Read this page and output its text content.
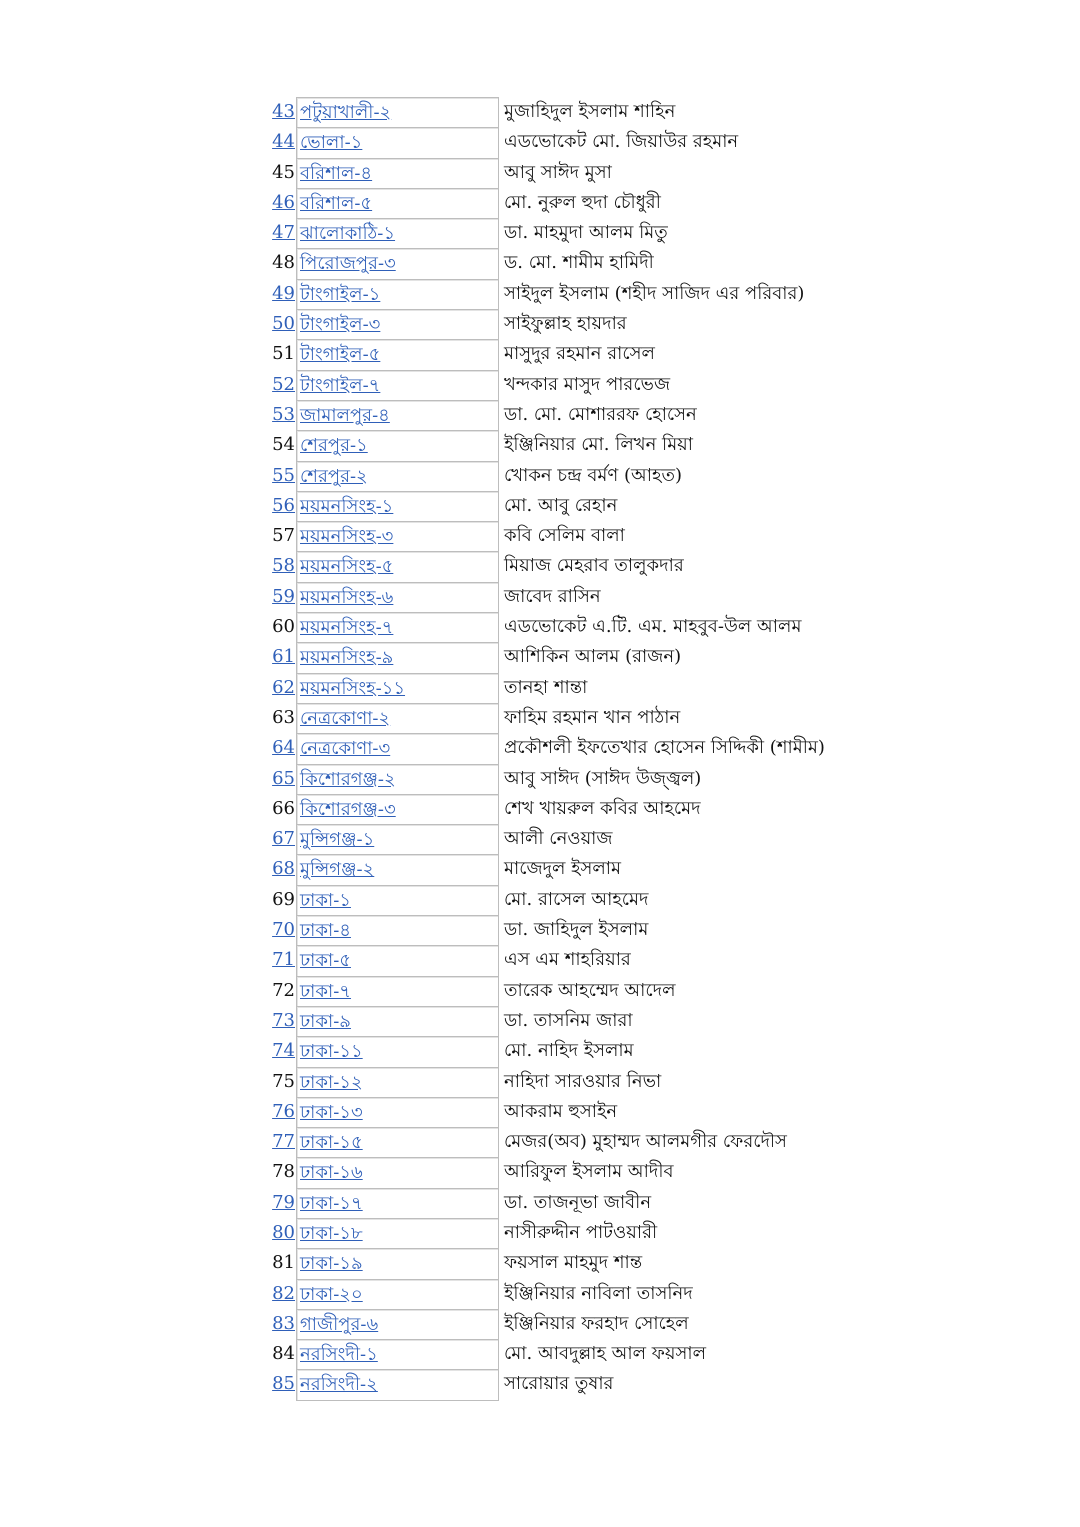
43 পটুয়াখালী-২	মুজাহিদুল ইসলাম শাহিন
44 ভোলা-১	এডভোকেট মো. জিয়াউর রহমান
45 বরিশাল-৪	আবু সাঈদ মুসা
46 বরিশাল-৫	মো. নুরুল হুদা চৌধুরী
47 ঝালোকাঠি-১	ডা. মাহমুদা আলম মিতু
48 পিরোজপুর-৩	ড. মো. শামীম হামিদী
49 টাংগাইল-১	সাইদুল ইসলাম (শহীদ সাজিদ এর পরিবার)
50 টাংগাইল-৩	সাইফুল্লাহ হায়দার
51 টাংগাইল-৫	মাসুদুর রহমান রাসেল
52 টাংগাইল-৭	খন্দকার মাসুদ পারভেজ
53 জামালপুর-৪	ডা. মো. মোশাররফ হোসেন
54 শেরপুর-১	ইঞ্জিনিয়ার মো. লিখন মিয়া
55 শেরপুর-২	খোকন চন্দ্র বর্মণ (আহত)
56 ময়মনসিংহ-১	মো. আবু রেহান
57 ময়মনসিংহ-৩	কবি সেলিম বালা
58 ময়মনসিংহ-৫	মিয়াজ মেহরাব তালুকদার
59 ময়মনসিংহ-৬	জাবেদ রাসিন
60 ময়মনসিংহ-৭	এডভোকেট এ.টি. এম. মাহবুব-উল আলম
61 ময়মনসিংহ-৯	আশিকিন আলম (রাজন)
62 ময়মনসিংহ-১১	তানহা শান্তা
63 নেত্রকোণা-২	ফাহিম রহমান খান পাঠান
64 নেত্রকোণা-৩	প্রকৌশলী ইফতেখার হোসেন সিদ্দিকী (শামীম)
65 কিশোরগঞ্জ-২	আবু সাঈদ (সাঈদ উজ্জ্বল)
66 কিশোরগঞ্জ-৩	শেখ খায়রুল কবির আহমেদ
67 মুন্সিগঞ্জ-১	আলী নেওয়াজ
68 মুন্সিগঞ্জ-২	মাজেদুল ইসলাম
69 ঢাকা-১	মো. রাসেল আহমেদ
70 ঢাকা-৪	ডা. জাহিদুল ইসলাম
71 ঢাকা-৫	এস এম শাহরিয়ার
72 ঢাকা-৭	তারেক আহম্মেদ আদেল
73 ঢাকা-৯	ডা. তাসনিম জারা
74 ঢাকা-১১	মো. নাহিদ ইসলাম
75 ঢাকা-১২	নাহিদা সারওয়ার নিভা
76 ঢাকা-১৩	আকরাম হুসাইন
77 ঢাকা-১৫	মেজর(অব) মুহাম্মদ আলমগীর ফেরদৌস
78 ঢাকা-১৬	আরিফুল ইসলাম আদীব
79 ঢাকা-১৭	ডা. তাজনূভা জাবীন
80 ঢাকা-১৮	নাসীরুদ্দীন পাটওয়ারী
81 ঢাকা-১৯	ফয়সাল মাহমুদ শান্ত
82 ঢাকা-২০	ইঞ্জিনিয়ার নাবিলা তাসনিদ
83 গাজীপুর-৬	ইঞ্জিনিয়ার ফরহাদ সোহেল
84 নরসিংদী-১	মো. আবদুল্লাহ আল ফয়সাল
85 নরসিংদী-২	সারোয়ার তুষার
